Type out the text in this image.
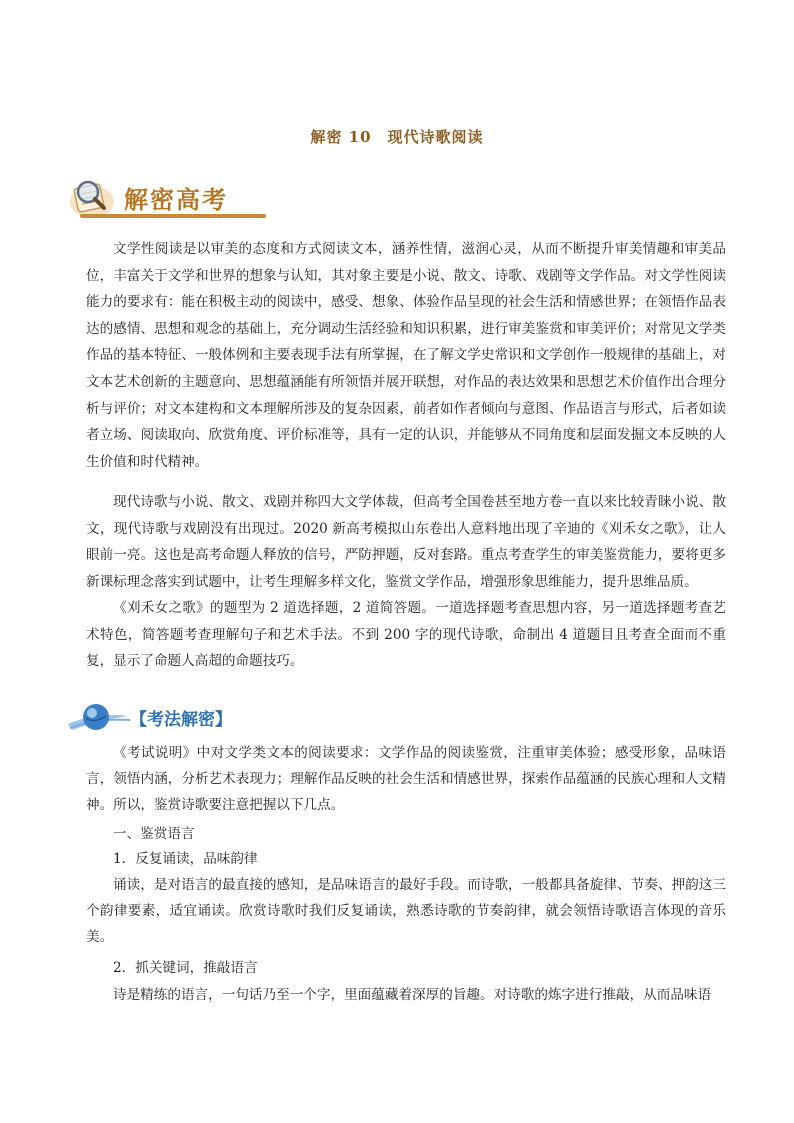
解密 10　现代诗歌阅读
解密高考

文学性阅读是以审美的态度和方式阅读文本，涵养性情，滋润心灵，从而不断提升审美情趣和审美品位，丰富关于文学和世界的想象与认知，其对象主要是小说、散文、诗歌、戏剧等文学作品。对文学性阅读能力的要求有：能在积极主动的阅读中，感受、想象、体验作品呈现的社会生活和情感世界；在领悟作品表达的感情、思想和观念的基础上，充分调动生活经验和知识积累，进行审美鉴赏和审美评价；对常见文学类作品的基本特征、一般体例和主要表现手法有所掌握，在了解文学史常识和文学创作一般规律的基础上，对文本艺术创新的主题意向、思想蕴涵能有所领悟并展开联想，对作品的表达效果和思想艺术价值作出合理分析与评价；对文本建构和文本理解所涉及的复杂因素，前者如作者倾向与意图、作品语言与形式，后者如读者立场、阅读取向、欣赏角度、评价标准等，具有一定的认识，并能够从不同角度和层面发掘文本反映的人生价值和时代精神。

现代诗歌与小说、散文、戏剧并称四大文学体裁，但高考全国卷甚至地方卷一直以来比较青睐小说、散文，现代诗歌与戏剧没有出现过。2020 新高考模拟山东卷出人意料地出现了辛迪的《刈禾女之歌》，让人眼前一亮。这也是高考命题人释放的信号，严防押题，反对套路。重点考查学生的审美鉴赏能力，要将更多新课标理念落实到试题中，让考生理解多样文化，鉴赏文学作品，增强形象思维能力，提升思维品质。

《刈禾女之歌》的题型为 2 道选择题，2 道简答题。一道选择题考查思想内容，另一道选择题考查艺术特色，简答题考查理解句子和艺术手法。不到 200 字的现代诗歌，命制出 4 道题目且考查全面而不重复，显示了命题人高超的命题技巧。

【考法解密】

《考试说明》中对文学类文本的阅读要求：文学作品的阅读鉴赏，注重审美体验；感受形象，品味语言，领悟内涵，分析艺术表现力；理解作品反映的社会生活和情感世界，探索作品蕴涵的民族心理和人文精神。所以，鉴赏诗歌要注意把握以下几点。

一、鉴赏语言

1．反复诵读，品味韵律

诵读，是对语言的最直接的感知，是品味语言的最好手段。而诗歌，一般都具备旋律、节奏、押韵这三个韵律要素，适宜诵读。欣赏诗歌时我们反复诵读，熟悉诗歌的节奏韵律，就会领悟诗歌语言体现的音乐美。

2．抓关键词，推敲语言

诗是精练的语言，一句话乃至一个字，里面蕴藏着深厚的旨趣。对诗歌的炼字进行推敲，从而品味语
